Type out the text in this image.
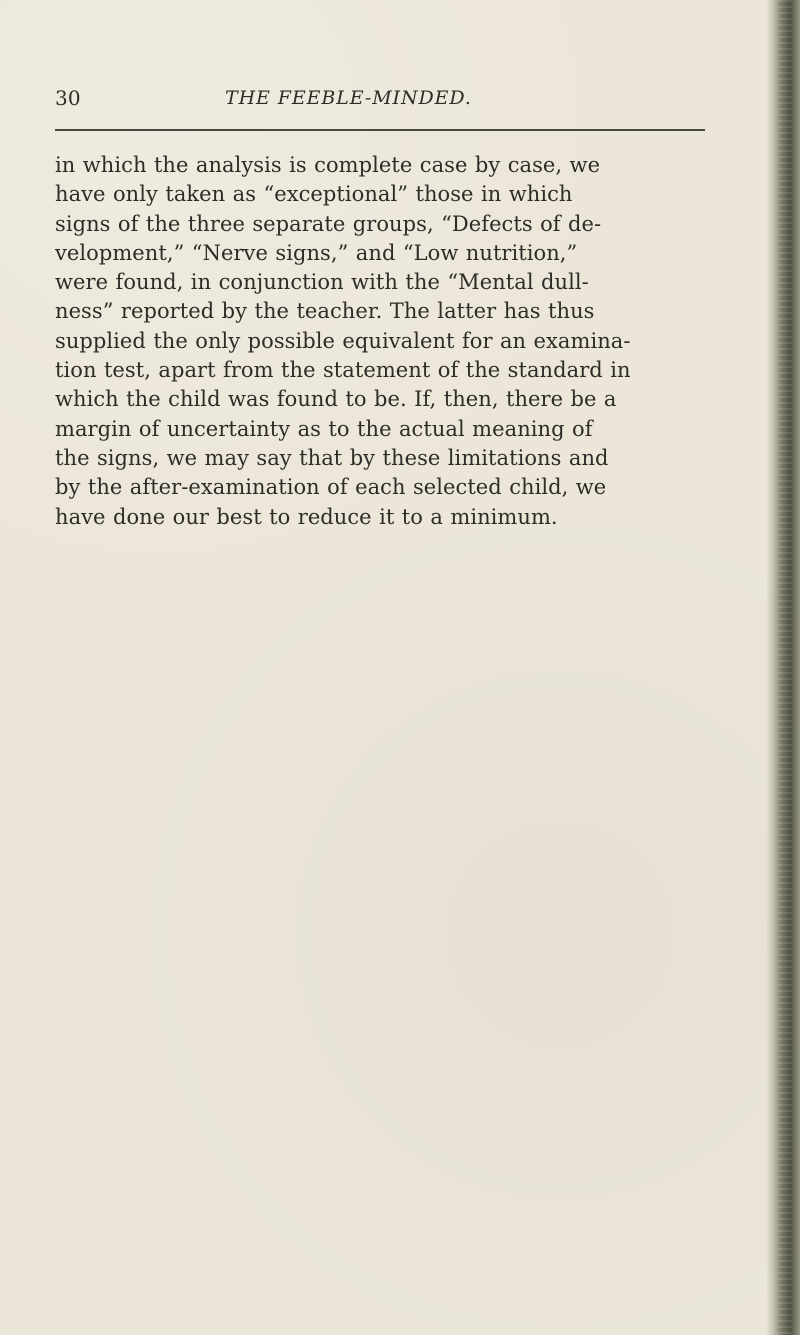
30	THE FEEBLE-MINDED.
in which the analysis is complete case by case, we
have only taken as “exceptional” those in which
signs of the three separate groups, “Defects of de-
velopment,” “Nerve signs,” and “Low nutrition,”
were found, in conjunction with the “Mental dull-
ness” reported by the teacher. The latter has thus
supplied the only possible equivalent for an examina-
tion test, apart from the statement of the standard in
which the child was found to be. If, then, there be a
margin of uncertainty as to the actual meaning of
the signs, we may say that by these limitations and
by the after-examination of each selected child, we
have done our best to reduce it to a minimum.
